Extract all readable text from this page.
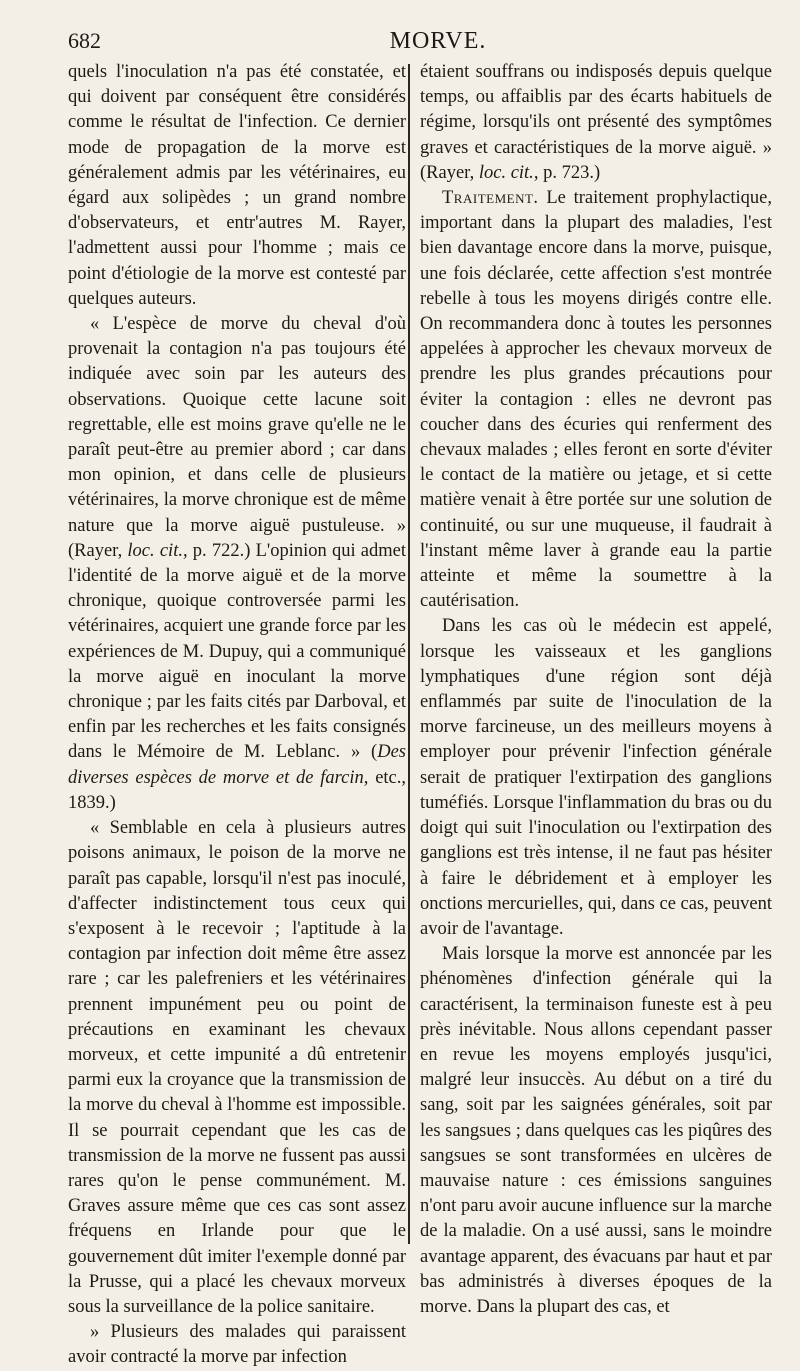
682	MORVE.

quels l'inoculation n'a pas été constatée, et qui doivent par conséquent être considérés comme le résultat de l'infection. Ce dernier mode de propagation de la morve est généralement admis par les vétérinaires, eu égard aux solipèdes ; un grand nombre d'observateurs, et entr'autres M. Rayer, l'admettent aussi pour l'homme ; mais ce point d'étiologie de la morve est contesté par quelques auteurs.

« L'espèce de morve du cheval d'où provenait la contagion n'a pas toujours été indiquée avec soin par les auteurs des observations. Quoique cette lacune soit regrettable, elle est moins grave qu'elle ne le paraît peut-être au premier abord ; car dans mon opinion, et dans celle de plusieurs vétérinaires, la morve chronique est de même nature que la morve aiguë pustuleuse. » (Rayer, loc. cit., p. 722.) L'opinion qui admet l'identité de la morve aiguë et de la morve chronique, quoique controversée parmi les vétérinaires, acquiert une grande force par les expériences de M. Dupuy, qui a communiqué la morve aiguë en inoculant la morve chronique ; par les faits cités par Darboval, et enfin par les recherches et les faits consignés dans le Mémoire de M. Leblanc. » (Des diverses espèces de morve et de farcin, etc., 1839.)

« Semblable en cela à plusieurs autres poisons animaux, le poison de la morve ne paraît pas capable, lorsqu'il n'est pas inoculé, d'affecter indistinctement tous ceux qui s'exposent à le recevoir ; l'aptitude à la contagion par infection doit même être assez rare ; car les palefreniers et les vétérinaires prennent impunément peu ou point de précautions en examinant les chevaux morveux, et cette impunité a dû entretenir parmi eux la croyance que la transmission de la morve du cheval à l'homme est impossible. Il se pourrait cependant que les cas de transmission de la morve ne fussent pas aussi rares qu'on le pense communément. M. Graves assure même que ces cas sont assez fréquens en Irlande pour que le gouvernement dût imiter l'exemple donné par la Prusse, qui a placé les chevaux morveux sous la surveillance de la police sanitaire.

» Plusieurs des malades qui paraissent avoir contracté la morve par infection

étaient souffrans ou indisposés depuis quelque temps, ou affaiblis par des écarts habituels de régime, lorsqu'ils ont présenté des symptômes graves et caractéristiques de la morve aiguë. » (Rayer, loc. cit., p. 723.)

Traitement. Le traitement prophylactique, important dans la plupart des maladies, l'est bien davantage encore dans la morve, puisque, une fois déclarée, cette affection s'est montrée rebelle à tous les moyens dirigés contre elle. On recommandera donc à toutes les personnes appelées à approcher les chevaux morveux de prendre les plus grandes précautions pour éviter la contagion : elles ne devront pas coucher dans des écuries qui renferment des chevaux malades ; elles feront en sorte d'éviter le contact de la matière ou jetage, et si cette matière venait à être portée sur une solution de continuité, ou sur une muqueuse, il faudrait à l'instant même laver à grande eau la partie atteinte et même la soumettre à la cautérisation.

Dans les cas où le médecin est appelé, lorsque les vaisseaux et les ganglions lymphatiques d'une région sont déjà enflammés par suite de l'inoculation de la morve farcineuse, un des meilleurs moyens à employer pour prévenir l'infection générale serait de pratiquer l'extirpation des ganglions tuméfiés. Lorsque l'inflammation du bras ou du doigt qui suit l'inoculation ou l'extirpation des ganglions est très intense, il ne faut pas hésiter à faire le débridement et à employer les onctions mercurielles, qui, dans ce cas, peuvent avoir de l'avantage.

Mais lorsque la morve est annoncée par les phénomènes d'infection générale qui la caractérisent, la terminaison funeste est à peu près inévitable. Nous allons cependant passer en revue les moyens employés jusqu'ici, malgré leur insuccès. Au début on a tiré du sang, soit par les saignées générales, soit par les sangsues ; dans quelques cas les piqûres des sangsues se sont transformées en ulcères de mauvaise nature : ces émissions sanguines n'ont paru avoir aucune influence sur la marche de la maladie. On a usé aussi, sans le moindre avantage apparent, des évacuans par haut et par bas administrés à diverses époques de la morve. Dans la plupart des cas, et
